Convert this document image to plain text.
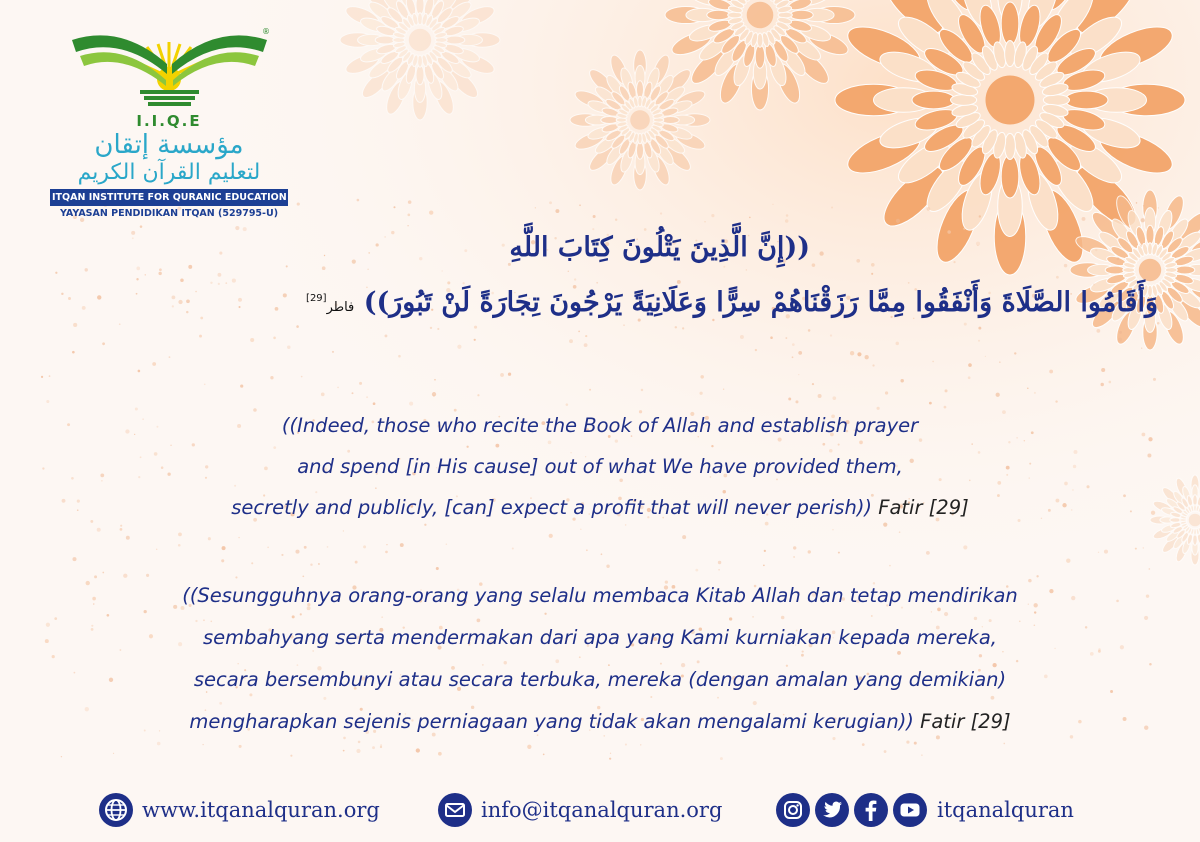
®
I.I.Q.E
مؤسسة إتقان
لتعليم القرآن الكريم
ITQAN INSTITUTE FOR QURANIC EDUCATION
YAYASAN PENDIDIKAN ITQAN (529795-U)
((إِنَّ الَّذِينَ يَتْلُونَ كِتَابَ اللَّهِ
وَأَقَامُوا الصَّلَاةَ وَأَنْفَقُوا مِمَّا رَزَقْنَاهُمْ سِرًّا وَعَلَانِيَةً يَرْجُونَ تِجَارَةً لَنْ تَبُورَ)) فاطر[29]
((Indeed, those who recite the Book of Allah and establish prayer
and spend [in His cause] out of what We have provided them,
secretly and publicly, [can] expect a profit that will never perish)) Fatir [29]
((Sesungguhnya orang-orang yang selalu membaca Kitab Allah dan tetap mendirikan
sembahyang serta mendermakan dari apa yang Kami kurniakan kepada mereka,
secara bersembunyi atau secara terbuka, mereka (dengan amalan yang demikian)
mengharapkan sejenis perniagaan yang tidak akan mengalami kerugian)) Fatir [29]
www.itqanalquran.org	info@itqanalquran.org	itqanalquran
